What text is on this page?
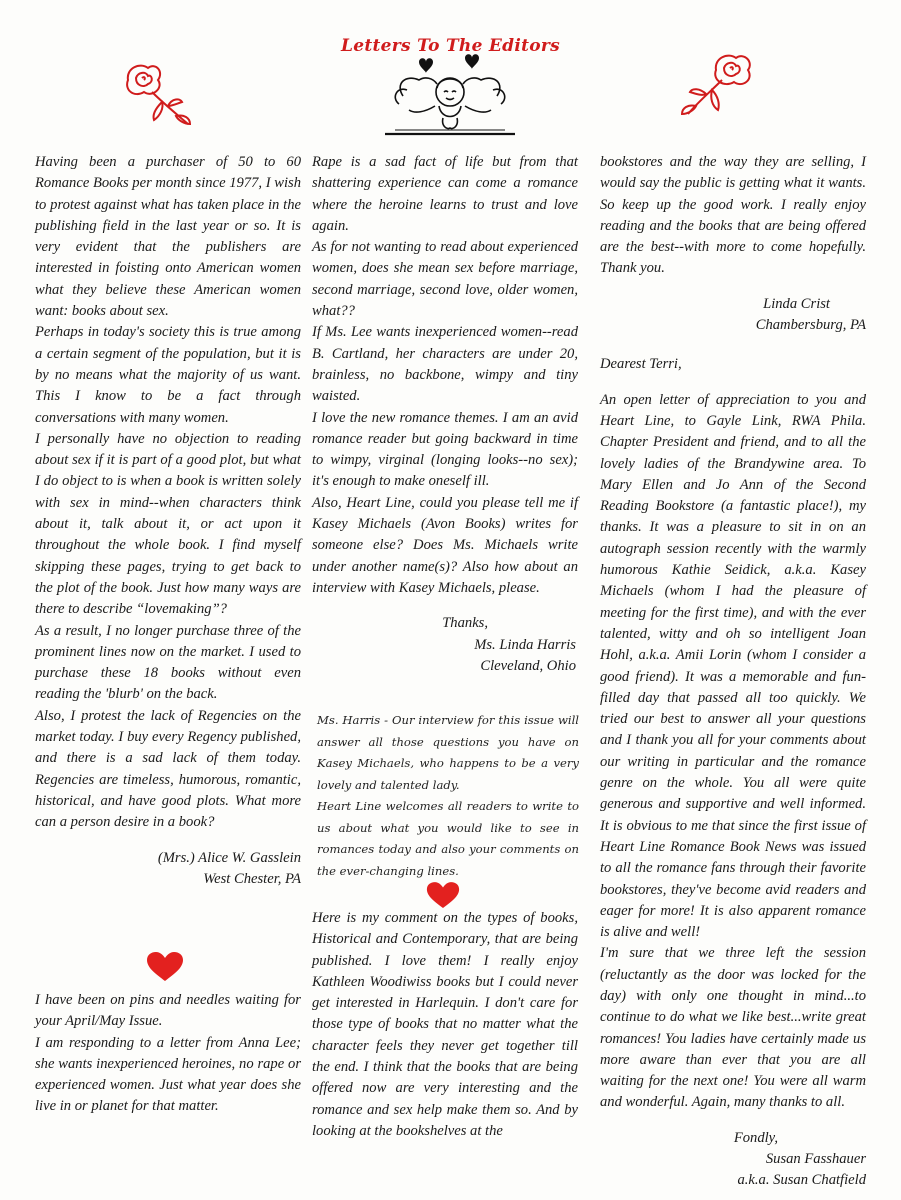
Letters To The Editors

Having been a purchaser of 50 to 60 Romance Books per month since 1977, I wish to protest against what has taken place in the publishing field in the last year or so. It is very evident that the publishers are interested in foisting onto American women what they believe these American women want: books about sex.

Perhaps in today's society this is true among a certain segment of the population, but it is by no means what the majority of us want. This I know to be a fact through conversations with many women.

I personally have no objection to reading about sex if it is part of a good plot, but what I do object to is when a book is written solely with sex in mind--when characters think about it, talk about it, or act upon it throughout the whole book. I find myself skipping these pages, trying to get back to the plot of the book. Just how many ways are there to describe “lovemaking”?

As a result, I no longer purchase three of the prominent lines now on the market. I used to purchase these 18 books without even reading the 'blurb' on the back.

Also, I protest the lack of Regencies on the market today. I buy every Regency published, and there is a sad lack of them today. Regencies are timeless, humorous, romantic, historical, and have good plots. What more can a person desire in a book?

(Mrs.) Alice W. Gasslein

West Chester, PA

I have been on pins and needles waiting for your April/May Issue.

I am responding to a letter from Anna Lee; she wants inexperienced heroines, no rape or experienced women. Just what year does she live in or planet for that matter.

Rape is a sad fact of life but from that shattering experience can come a romance where the heroine learns to trust and love again.

As for not wanting to read about experienced women, does she mean sex before marriage, second marriage, second love, older women, what??

If Ms. Lee wants inexperienced women--read B. Cartland, her characters are under 20, brainless, no backbone, wimpy and tiny waisted.

I love the new romance themes. I am an avid romance reader but going backward in time to wimpy, virginal (longing looks--no sex); it's enough to make oneself ill.

Also, Heart Line, could you please tell me if Kasey Michaels (Avon Books) writes for someone else? Does Ms. Michaels write under another name(s)? Also how about an interview with Kasey Michaels, please.

Thanks,

Ms. Linda Harris

Cleveland, Ohio

Ms. Harris - Our interview for this issue will answer all those questions you have on Kasey Michaels, who happens to be a very lovely and talented lady.

Heart Line welcomes all readers to write to us about what you would like to see in romances today and also your comments on the ever-changing lines.

Here is my comment on the types of books, Historical and Contemporary, that are being published. I love them! I really enjoy Kathleen Woodiwiss books but I could never get interested in Harlequin. I don't care for those type of books that no matter what the character feels they never get together till the end. I think that the books that are being offered now are very interesting and the romance and sex help make them so. And by looking at the bookshelves at the

bookstores and the way they are selling, I would say the public is getting what it wants. So keep up the good work. I really enjoy reading and the books that are being offered are the best--with more to come hopefully. Thank you.

Linda Crist

Chambersburg, PA

Dearest Terri,

An open letter of appreciation to you and Heart Line, to Gayle Link, RWA Phila. Chapter President and friend, and to all the lovely ladies of the Brandywine area. To Mary Ellen and Jo Ann of the Second Reading Bookstore (a fantastic place!), my thanks. It was a pleasure to sit in on an autograph session recently with the warmly humorous Kathie Seidick, a.k.a. Kasey Michaels (whom I had the pleasure of meeting for the first time), and with the ever talented, witty and oh so intelligent Joan Hohl, a.k.a. Amii Lorin (whom I consider a good friend). It was a memorable and fun-filled day that passed all too quickly. We tried our best to answer all your questions and I thank you all for your comments about our writing in particular and the romance genre on the whole. You all were quite generous and supportive and well informed. It is obvious to me that since the first issue of Heart Line Romance Book News was issued to all the romance fans through their favorite bookstores, they've become avid readers and eager for more! It is also apparent romance is alive and well!

I'm sure that we three left the session (reluctantly as the door was locked for the day) with only one thought in mind...to continue to do what we like best...write great romances! You ladies have certainly made us more aware than ever that you are all waiting for the next one! You were all warm and wonderful. Again, many thanks to all.

Fondly,

Susan Fasshauer

a.k.a. Susan Chatfield
